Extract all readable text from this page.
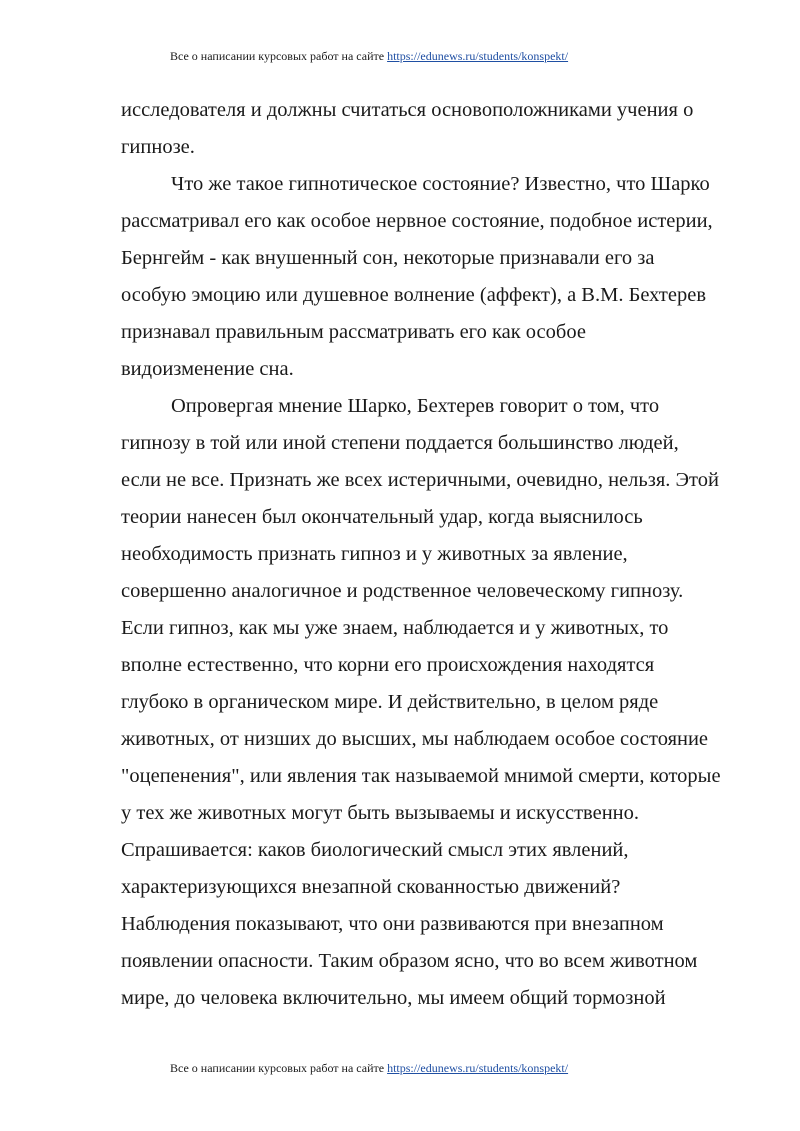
Все о написании курсовых работ на сайте https://edunews.ru/students/konspekt/

исследователя и должны считаться основоположниками учения о
гипнозе.

Что же такое гипнотическое состояние? Известно, что Шарко
рассматривал его как особое нервное состояние, подобное истерии,
Бернгейм - как внушенный сон, некоторые признавали его за
особую эмоцию или душевное волнение (аффект), а В.М. Бехтерев
признавал правильным рассматривать его как особое
видоизменение сна.

Опровергая мнение Шарко, Бехтерев говорит о том, что
гипнозу в той или иной степени поддается большинство людей,
если не все. Признать же всех истеричными, очевидно, нельзя. Этой
теории нанесен был окончательный удар, когда выяснилось
необходимость признать гипноз и у животных за явление,
совершенно аналогичное и родственное человеческому гипнозу.
Если гипноз, как мы уже знаем, наблюдается и у животных, то
вполне естественно, что корни его происхождения находятся
глубоко в органическом мире. И действительно, в целом ряде
животных, от низших до высших, мы наблюдаем особое состояние
"оцепенения", или явления так называемой мнимой смерти, которые
у тех же животных могут быть вызываемы и искусственно.
Спрашивается: каков биологический смысл этих явлений,
характеризующихся внезапной скованностью движений?
Наблюдения показывают, что они развиваются при внезапном
появлении опасности. Таким образом ясно, что во всем животном
мире, до человека включительно, мы имеем общий тормозной

Все о написании курсовых работ на сайте https://edunews.ru/students/konspekt/
